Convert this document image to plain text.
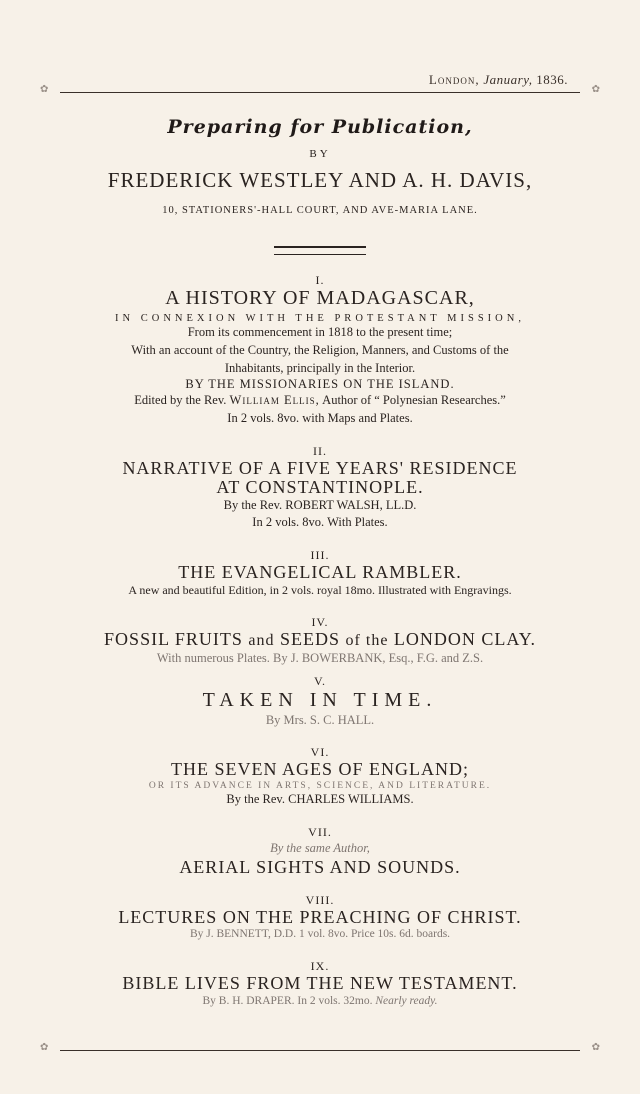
London, January, 1836.
✿	✿
Preparing for Publication,
BY
FREDERICK WESTLEY AND A. H. DAVIS,
10, STATIONERS'-HALL COURT, AND AVE-MARIA LANE.
I.
A HISTORY OF MADAGASCAR,
IN CONNEXION WITH THE PROTESTANT MISSION,
From its commencement in 1818 to the present time;
With an account of the Country, the Religion, Manners, and Customs of the
Inhabitants, principally in the Interior.
BY THE MISSIONARIES ON THE ISLAND.
Edited by the Rev. William Ellis, Author of “ Polynesian Researches.”
In 2 vols. 8vo. with Maps and Plates.
II.
NARRATIVE OF A FIVE YEARS' RESIDENCE
AT CONSTANTINOPLE.
By the Rev. ROBERT WALSH, LL.D.
In 2 vols. 8vo. With Plates.
III.
THE EVANGELICAL RAMBLER.
A new and beautiful Edition, in 2 vols. royal 18mo. Illustrated with Engravings.
IV.
FOSSIL FRUITS and SEEDS of the LONDON CLAY.
With numerous Plates. By J. BOWERBANK, Esq., F.G. and Z.S.
V.
TAKEN IN TIME.
By Mrs. S. C. HALL.
VI.
THE SEVEN AGES OF ENGLAND;
OR ITS ADVANCE IN ARTS, SCIENCE, AND LITERATURE.
By the Rev. CHARLES WILLIAMS.
VII.
By the same Author,
AERIAL SIGHTS AND SOUNDS.
VIII.
LECTURES ON THE PREACHING OF CHRIST.
By J. BENNETT, D.D. 1 vol. 8vo. Price 10s. 6d. boards.
IX.
BIBLE LIVES FROM THE NEW TESTAMENT.
By B. H. DRAPER. In 2 vols. 32mo. Nearly ready.
✿	✿
